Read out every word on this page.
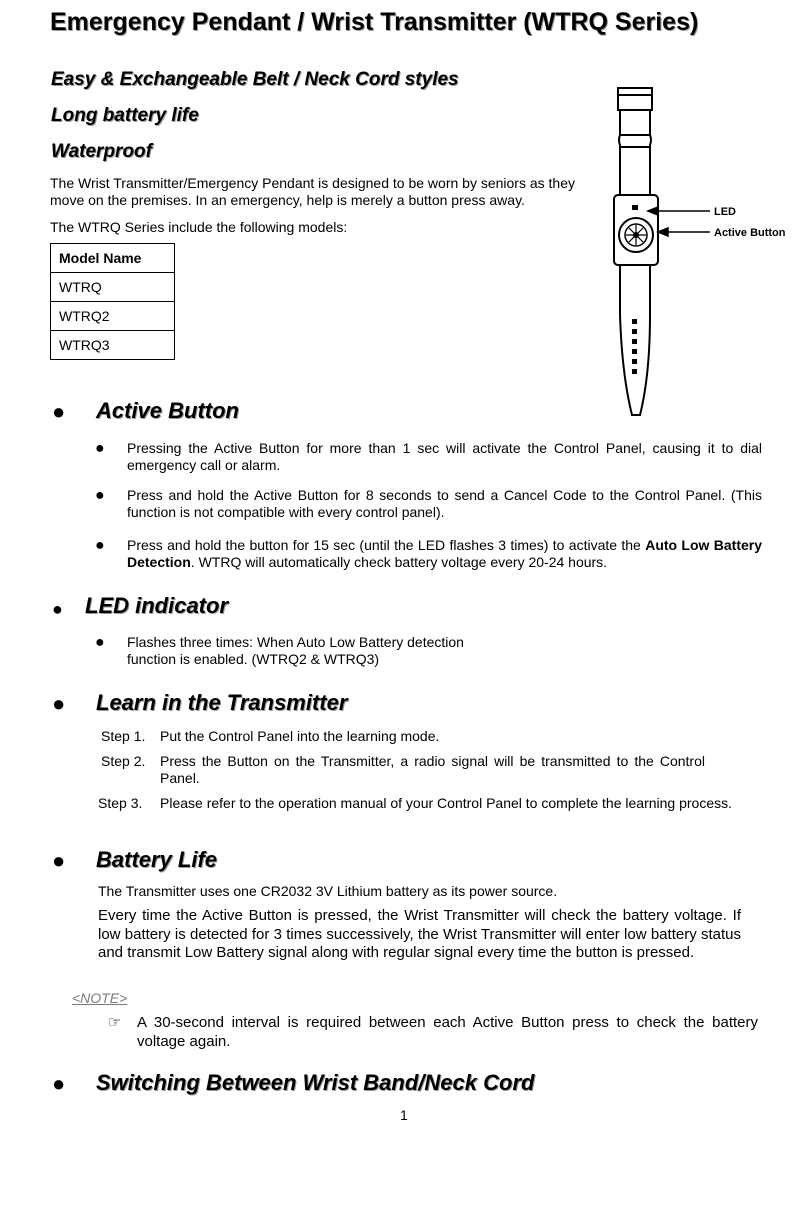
Emergency Pendant / Wrist Transmitter (WTRQ Series)
Easy & Exchangeable Belt / Neck Cord styles
Long battery life
Waterproof
The Wrist Transmitter/Emergency Pendant is designed to be worn by seniors as they move on the premises. In an emergency, help is merely a button press away.
The WTRQ Series include the following models:
Model Name
WTRQ
WTRQ2
WTRQ3
LED
Active Button
● Active Button
● Pressing the Active Button for more than 1 sec will activate the Control Panel, causing it to dial emergency call or alarm.
● Press and hold the Active Button for 8 seconds to send a Cancel Code to the Control Panel. (This function is not compatible with every control panel).
● Press and hold the button for 15 sec (until the LED flashes 3 times) to activate the Auto Low Battery Detection. WTRQ will automatically check battery voltage every 20-24 hours.
● LED indicator
● Flashes three times: When Auto Low Battery detection
function is enabled. (WTRQ2 & WTRQ3)
● Learn in the Transmitter
Step 1. Put the Control Panel into the learning mode.
Step 2. Press the Button on the Transmitter, a radio signal will be transmitted to the Control Panel.
Step 3. Please refer to the operation manual of your Control Panel to complete the learning process.
● Battery Life
The Transmitter uses one CR2032 3V Lithium battery as its power source.
Every time the Active Button is pressed, the Wrist Transmitter will check the battery voltage. If low battery is detected for 3 times successively, the Wrist Transmitter will enter low battery status and transmit Low Battery signal along with regular signal every time the button is pressed.
<NOTE>
☞ A 30-second interval is required between each Active Button press to check the battery voltage again.
● Switching Between Wrist Band/Neck Cord
1
